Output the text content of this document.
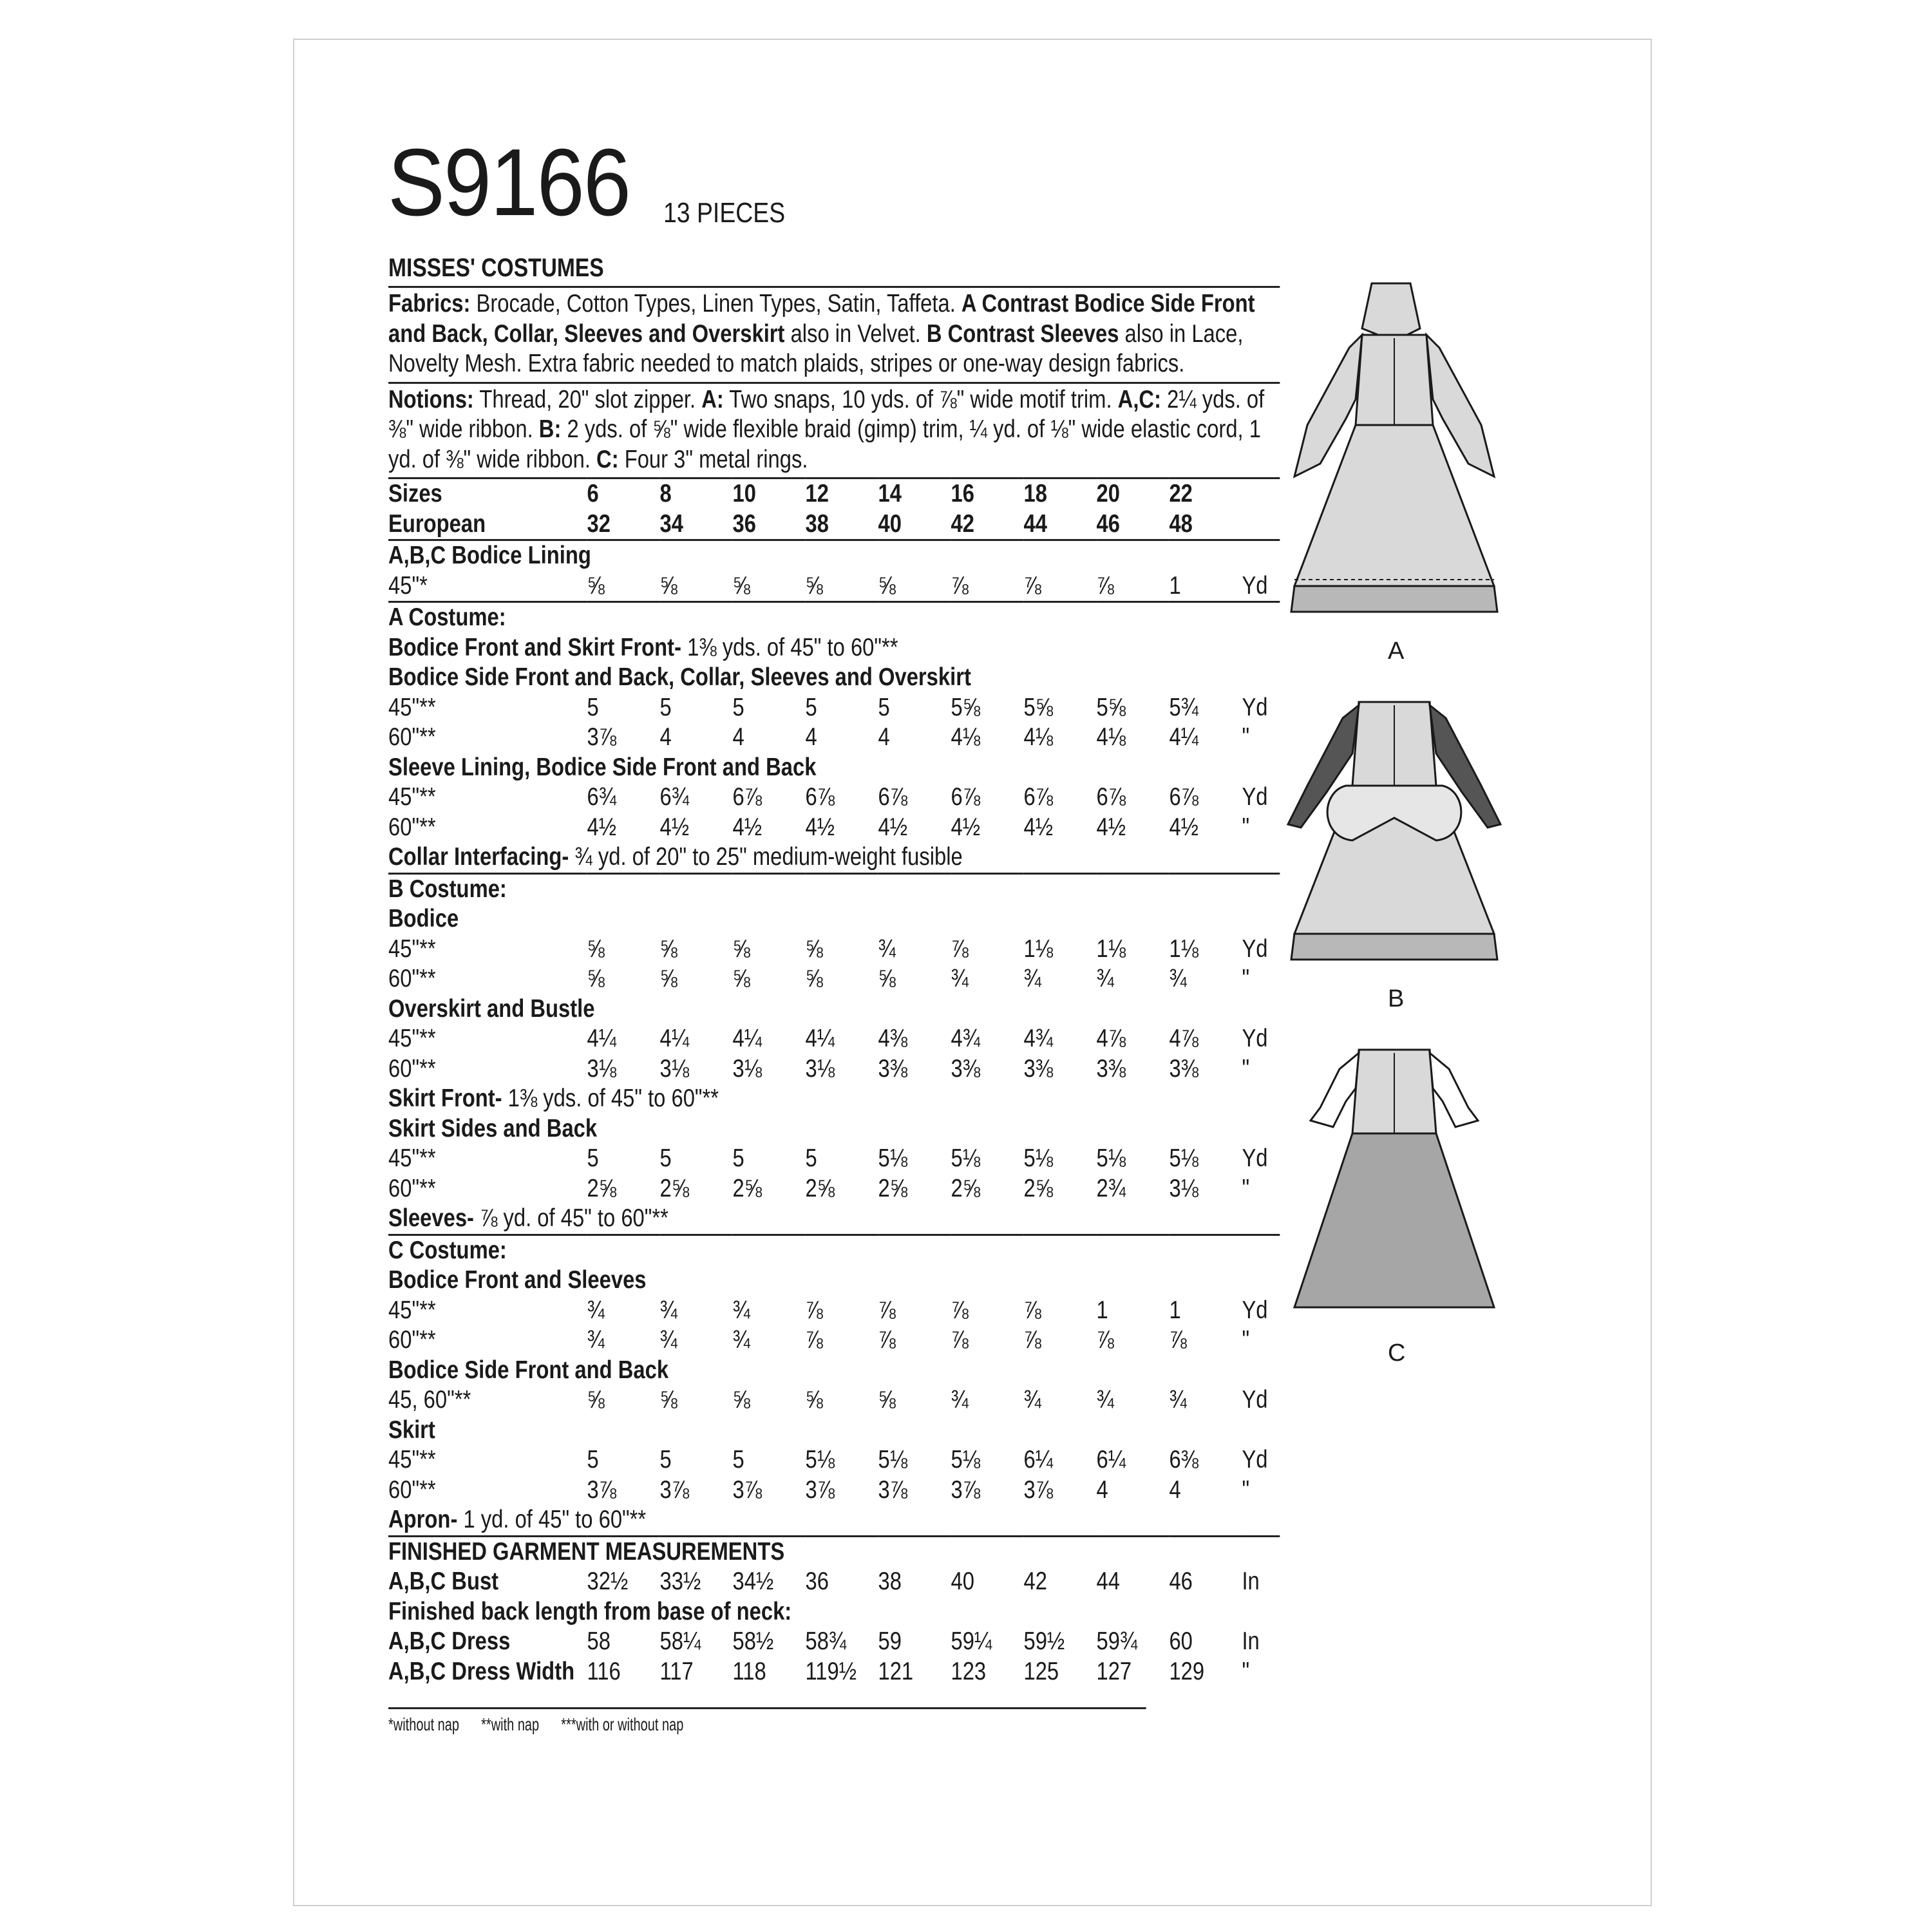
S9166 13 PIECES
MISSES' COSTUMES
Fabrics: Brocade, Cotton Types, Linen Types, Satin, Taffeta. A Contrast Bodice Side Front and Back, Collar, Sleeves and Overskirt also in Velvet. B Contrast Sleeves also in Lace, Novelty Mesh. Extra fabric needed to match plaids, stripes or one-way design fabrics.
Notions: Thread, 20" slot zipper. A: Two snaps, 10 yds. of ⅞" wide motif trim. A,C: 2¼ yds. of ⅜" wide ribbon. B: 2 yds. of ⅝" wide flexible braid (gimp) trim, ¼ yd. of ⅛" wide elastic cord, 1 yd. of ⅜" wide ribbon. C: Four 3" metal rings.
Sizes	6	8	10	12	14	16	18	20	22	
European	32	34	36	38	40	42	44	46	48	
A,B,C Bodice Lining										
45"*	⅝	⅝	⅝	⅝	⅝	⅞	⅞	⅞	1	Yd
A Costume:										
Bodice Front and Skirt Front- 1⅜ yds. of 45" to 60"**										
Bodice Side Front and Back, Collar, Sleeves and Overskirt										
45"**	5	5	5	5	5	5⅝	5⅝	5⅝	5¾	Yd
60"**	3⅞	4	4	4	4	4⅛	4⅛	4⅛	4¼	"
Sleeve Lining, Bodice Side Front and Back										
45"**	6¾	6¾	6⅞	6⅞	6⅞	6⅞	6⅞	6⅞	6⅞	Yd
60"**	4½	4½	4½	4½	4½	4½	4½	4½	4½	"
Collar Interfacing- ¾ yd. of 20" to 25" medium-weight fusible										
B Costume:										
Bodice										
45"**	⅝	⅝	⅝	⅝	¾	⅞	1⅛	1⅛	1⅛	Yd
60"**	⅝	⅝	⅝	⅝	⅝	¾	¾	¾	¾	"
Overskirt and Bustle										
45"**	4¼	4¼	4¼	4¼	4⅜	4¾	4¾	4⅞	4⅞	Yd
60"**	3⅛	3⅛	3⅛	3⅛	3⅜	3⅜	3⅜	3⅜	3⅜	"
Skirt Front- 1⅜ yds. of 45" to 60"**										
Skirt Sides and Back										
45"**	5	5	5	5	5⅛	5⅛	5⅛	5⅛	5⅛	Yd
60"**	2⅝	2⅝	2⅝	2⅝	2⅝	2⅝	2⅝	2¾	3⅛	"
Sleeves- ⅞ yd. of 45" to 60"**										
C Costume:										
Bodice Front and Sleeves										
45"**	¾	¾	¾	⅞	⅞	⅞	⅞	1	1	Yd
60"**	¾	¾	¾	⅞	⅞	⅞	⅞	⅞	⅞	"
Bodice Side Front and Back										
45, 60"**	⅝	⅝	⅝	⅝	⅝	¾	¾	¾	¾	Yd
Skirt										
45"**	5	5	5	5⅛	5⅛	5⅛	6¼	6¼	6⅜	Yd
60"**	3⅞	3⅞	3⅞	3⅞	3⅞	3⅞	3⅞	4	4	"
Apron- 1 yd. of 45" to 60"**										
FINISHED GARMENT MEASUREMENTS										
A,B,C Bust	32½	33½	34½	36	38	40	42	44	46	In
Finished back length from base of neck:										
A,B,C Dress	58	58¼	58½	58¾	59	59¼	59½	59¾	60	In
A,B,C Dress Width	116	117	118	119½	121	123	125	127	129	"
*without nap **with nap ***with or without nap
A
B
C
